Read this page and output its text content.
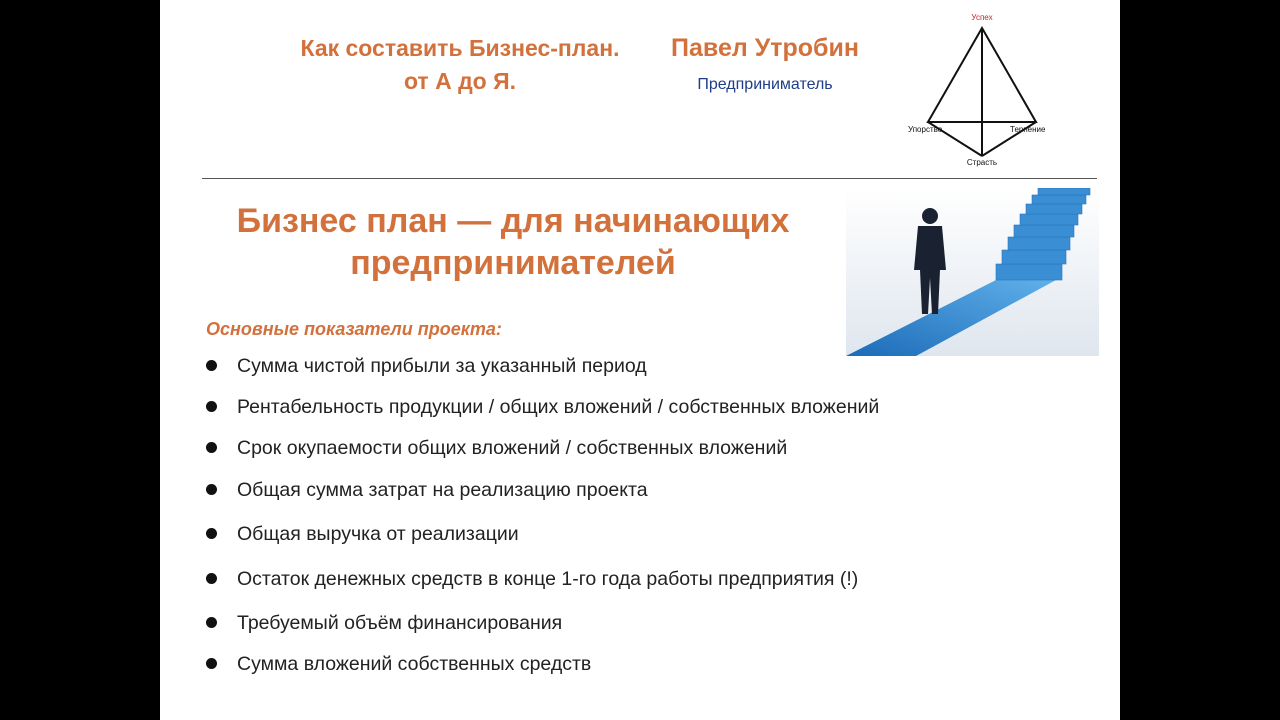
Как составить Бизнес-план.
от А до Я.
Павел Утробин
Предприниматель
Успех
Упорство	Терпение
Страсть
Бизнес план — для начинающих
предпринимателей
Основные показатели проекта:
Сумма чистой прибыли за указанный период
Рентабельность продукции / общих вложений / собственных вложений
Срок окупаемости общих вложений / собственных вложений
Общая сумма затрат на реализацию проекта
Общая выручка от реализации
Остаток денежных средств в конце 1-го года работы предприятия (!)
Требуемый объём финансирования
Сумма вложений собственных средств
